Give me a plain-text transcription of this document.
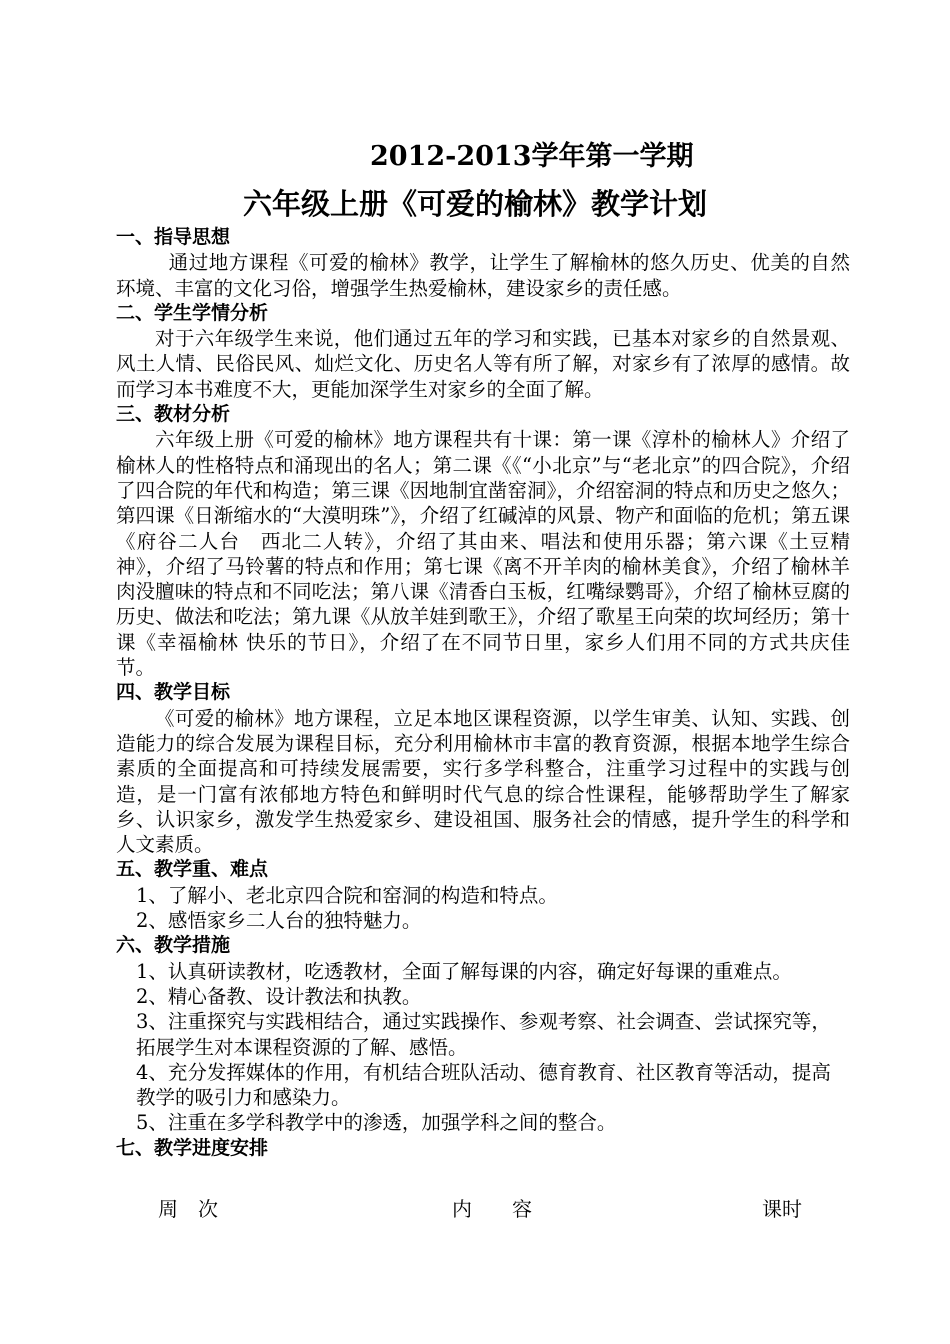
2012-2013学年第一学期
六年级上册《可爱的榆林》教学计划
一、指导思想

通过地方课程《可爱的榆林》教学，让学生了解榆林的悠久历史、优美的自然环境、丰富的文化习俗，增强学生热爱榆林，建设家乡的责任感。

二、学生学情分析

对于六年级学生来说，他们通过五年的学习和实践，已基本对家乡的自然景观、风土人情、民俗民风、灿烂文化、历史名人等有所了解，对家乡有了浓厚的感情。故而学习本书难度不大，更能加深学生对家乡的全面了解。

三、教材分析

六年级上册《可爱的榆林》地方课程共有十课：第一课《淳朴的榆林人》介绍了榆林人的性格特点和涌现出的名人；第二课《《“小北京”与“老北京”的四合院》，介绍了四合院的年代和构造；第三课《因地制宜凿窑洞》，介绍窑洞的特点和历史之悠久；第四课《日渐缩水的“大漠明珠”》，介绍了红碱淖的风景、物产和面临的危机；第五课《府谷二人台　西北二人转》，介绍了其由来、唱法和使用乐器；第六课《土豆精神》，介绍了马铃薯的特点和作用；第七课《离不开羊肉的榆林美食》，介绍了榆林羊肉没膻味的特点和不同吃法；第八课《清香白玉板，红嘴绿鹦哥》，介绍了榆林豆腐的历史、做法和吃法；第九课《从放羊娃到歌王》，介绍了歌星王向荣的坎坷经历；第十课《幸福榆林 快乐的节日》，介绍了在不同节日里，家乡人们用不同的方式共庆佳节。

四、教学目标

《可爱的榆林》地方课程，立足本地区课程资源，以学生审美、认知、实践、创造能力的综合发展为课程目标，充分利用榆林市丰富的教育资源，根据本地学生综合素质的全面提高和可持续发展需要，实行多学科整合，注重学习过程中的实践与创造，是一门富有浓郁地方特色和鲜明时代气息的综合性课程，能够帮助学生了解家乡、认识家乡，激发学生热爱家乡、建设祖国、服务社会的情感，提升学生的科学和人文素质。

五、教学重、难点

1、了解小、老北京四合院和窑洞的构造和特点。

2、感悟家乡二人台的独特魅力。

六、教学措施

1、认真研读教材，吃透教材，全面了解每课的内容，确定好每课的重难点。

2、精心备教、设计教法和执教。

3、注重探究与实践相结合，通过实践操作、参观考察、社会调查、尝试探究等，拓展学生对本课程资源的了解、感悟。

4、充分发挥媒体的作用，有机结合班队活动、德育教育、社区教育等活动，提高教学的吸引力和感染力。

5、注重在多学科教学中的渗透，加强学科之间的整合。

七、教学进度安排
周　次	内　　容	课时
